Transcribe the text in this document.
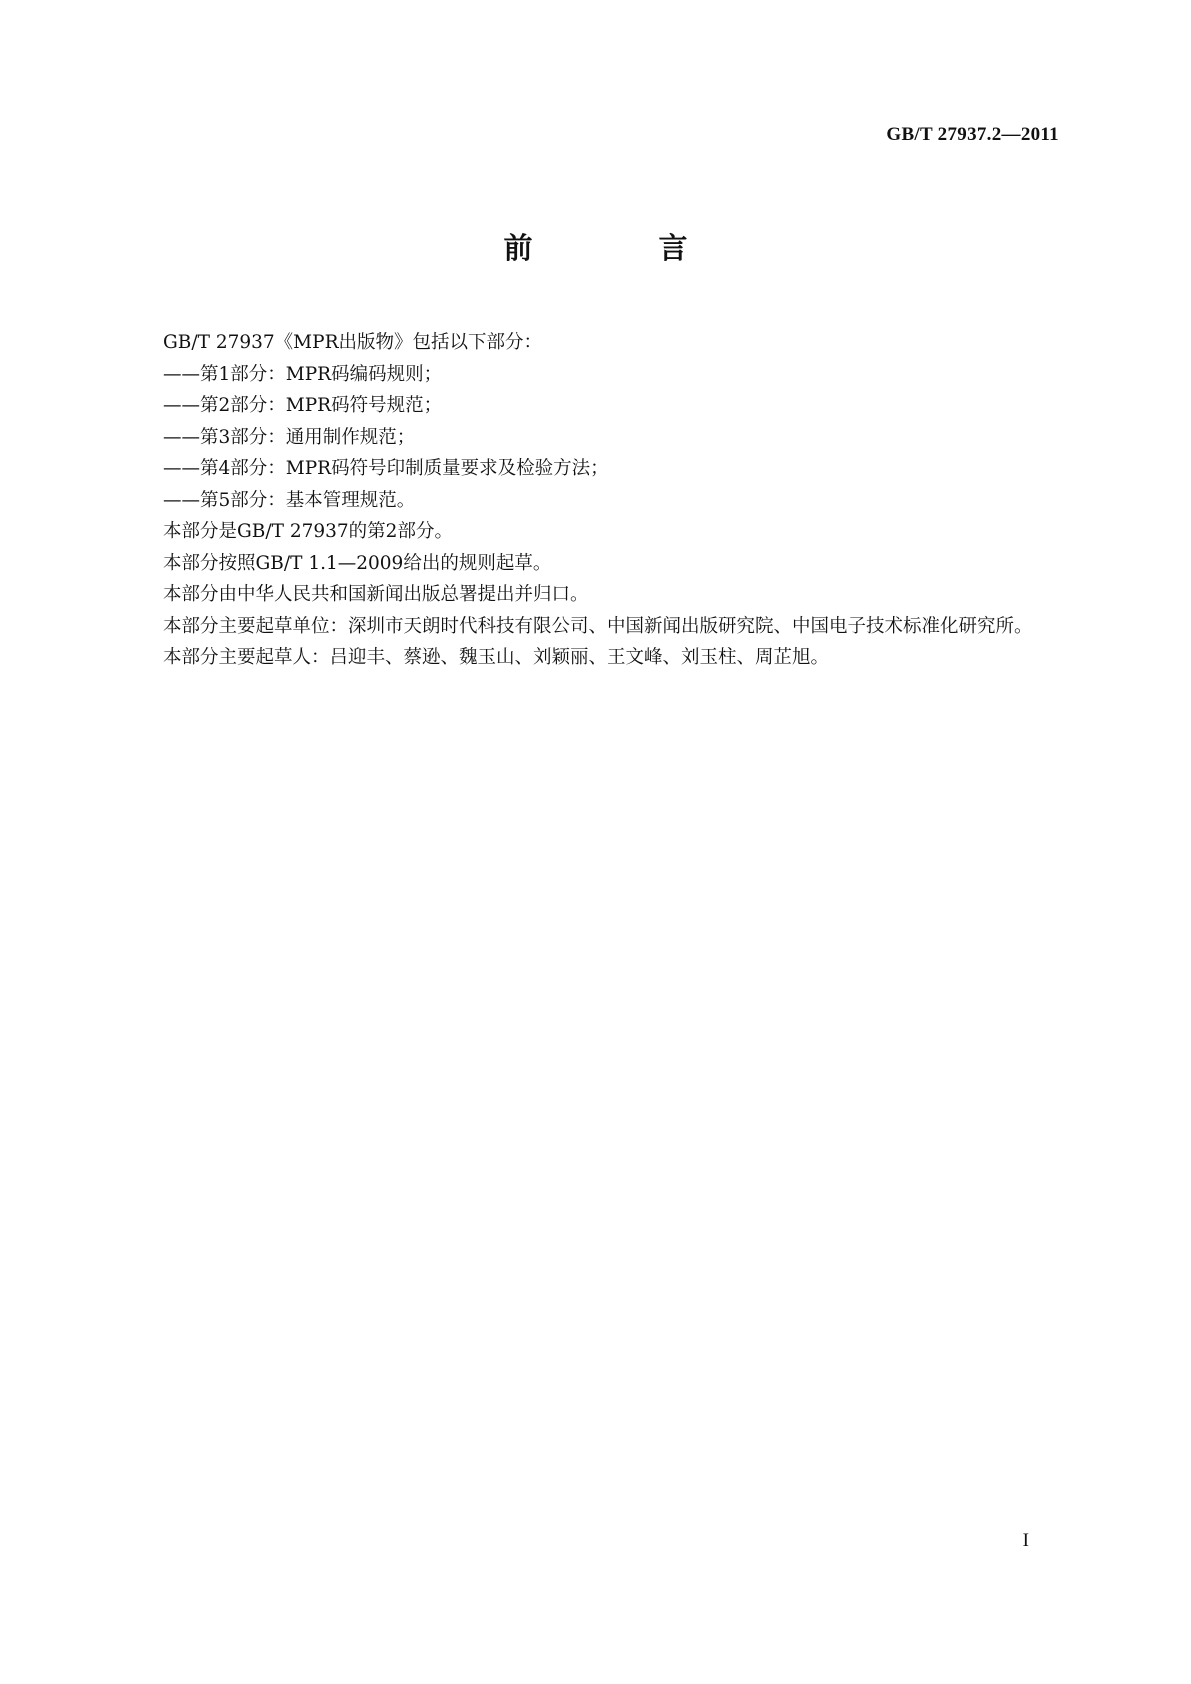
GB/T 27937.2—2011
前 言

GB/T 27937《MPR出版物》包括以下部分：

——第1部分：MPR码编码规则；

——第2部分：MPR码符号规范；

——第3部分：通用制作规范；

——第4部分：MPR码符号印制质量要求及检验方法；

——第5部分：基本管理规范。

本部分是GB/T 27937的第2部分。

本部分按照GB/T 1.1—2009给出的规则起草。

本部分由中华人民共和国新闻出版总署提出并归口。

本部分主要起草单位：深圳市天朗时代科技有限公司、中国新闻出版研究院、中国电子技术标准化研究所。

本部分主要起草人：吕迎丰、蔡逊、魏玉山、刘颖丽、王文峰、刘玉柱、周芷旭。

I
